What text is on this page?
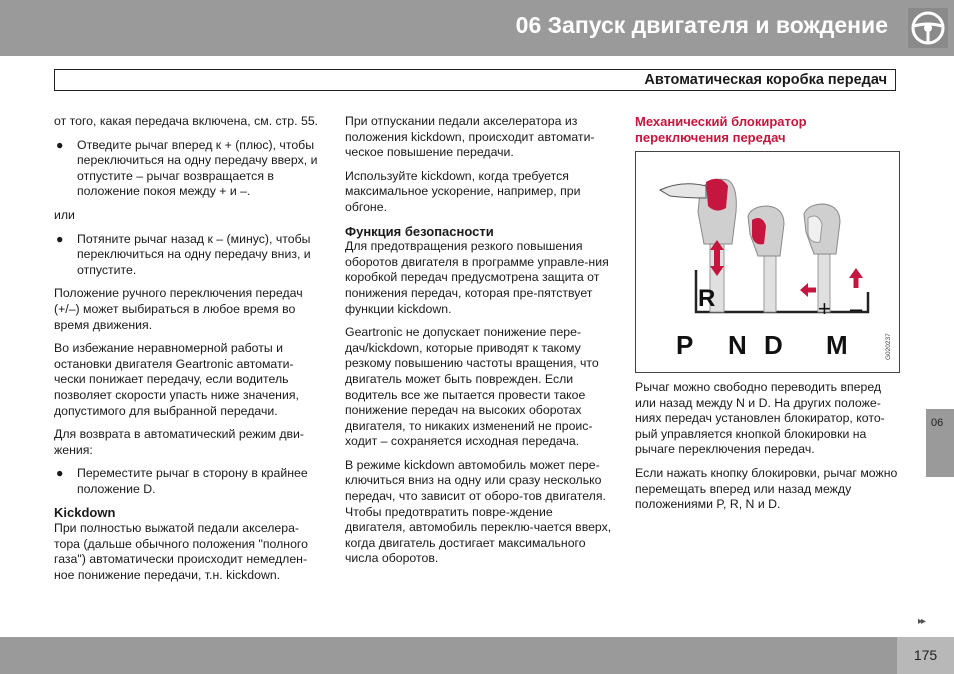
06 Запуск двигателя и вождение
Автоматическая коробка передач

от того, какая передача включена, см. стр. 55.

● Отведите рычаг вперед к + (плюс), чтобы переключиться на одну передачу вверх, и отпустите – рычаг возвращается в положение покоя между + и –.

или

● Потяните рычаг назад к – (минус), чтобы переключиться на одну передачу вниз, и отпустите.

Положение ручного переключения передач (+/–) может выбираться в любое время во время движения.

Во избежание неравномерной работы и остановки двигателя Geartronic автомати-чески понижает передачу, если водитель позволяет скорости упасть ниже значения, допустимого для выбранной передачи.

Для возврата в автоматический режим дви-жения:

● Переместите рычаг в сторону в крайнее положение D.
Kickdown

При полностью выжатой педали акселера-тора (дальше обычного положения "полного газа") автоматически происходит немедлен-ное понижение передачи, т.н. kickdown.

При отпускании педали акселератора из положения kickdown, происходит автомати-ческое повышение передачи.

Используйте kickdown, когда требуется максимальное ускорение, например, при обгоне.

Функция безопасности

Для предотвращения резкого повышения оборотов двигателя в программе управле-ния коробкой передач предусмотрена защита от понижения передач, которая пре-пятствует функции kickdown.

Geartronic не допускает понижение пере-дач/kickdown, которые приводят к такому резкому повышению частоты вращения, что двигатель может быть поврежден. Если водитель все же пытается провести такое понижение передач на высоких оборотах двигателя, то никаких изменений не проис-ходит – сохраняется исходная передача.

В режиме kickdown автомобиль может пере-ключиться вниз на одну или сразу несколько передач, что зависит от оборо-тов двигателя. Чтобы предотвратить повре-ждение двигателя, автомобиль переклю-чается вверх, когда двигатель достигает максимального числа оборотов.

Механический блокиратор переключения передач
R
P N D M
+ –
G020237

Рычаг можно свободно переводить вперед или назад между N и D. На других положе-ниях передач установлен блокиратор, кото-рый управляется кнопкой блокировки на рычаге переключения передач.

Если нажать кнопку блокировки, рычаг можно перемещать вперед или назад между положениями P, R, N и D.

06
▸▸
175
